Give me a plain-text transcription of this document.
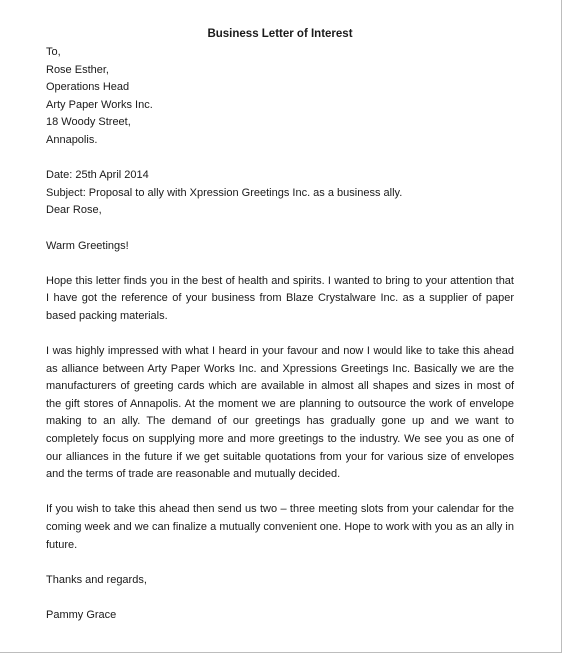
Business Letter of Interest
To,
Rose Esther,
Operations Head
Arty Paper Works Inc.
18 Woody Street,
Annapolis.
Date: 25th April 2014
Subject: Proposal to ally with Xpression Greetings Inc. as a business ally.
Dear Rose,
Warm Greetings!

Hope this letter finds you in the best of health and spirits. I wanted to bring to your attention that I have got the reference of your business from Blaze Crystalware Inc. as a supplier of paper based packing materials.

I was highly impressed with what I heard in your favour and now I would like to take this ahead as alliance between Arty Paper Works Inc. and Xpressions Greetings Inc. Basically we are the manufacturers of greeting cards which are available in almost all shapes and sizes in most of the gift stores of Annapolis. At the moment we are planning to outsource the work of envelope making to an ally. The demand of our greetings has gradually gone up and we want to completely focus on supplying more and more greetings to the industry. We see you as one of our alliances in the future if we get suitable quotations from your for various size of envelopes and the terms of trade are reasonable and mutually decided.

If you wish to take this ahead then send us two – three meeting slots from your calendar for the coming week and we can finalize a mutually convenient one. Hope to work with you as an ally in future.

Thanks and regards,
Pammy Grace
